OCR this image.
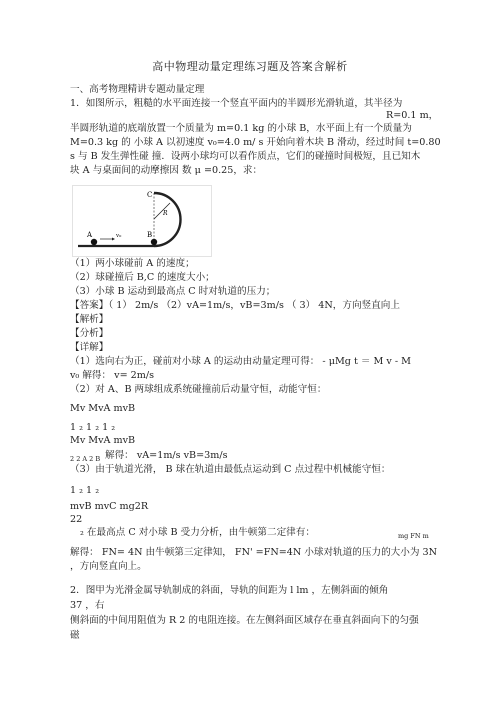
高中物理动量定理练习题及答案含解析
一、高考物理精讲专题动量定理
1．如图所示，粗糙的水平面连接一个竖直平面内的半圆形光滑轨道，其半径为
R=0.1 m，
半圆形轨道的底端放置一个质量为 m=0.1 kg 的小球 B，水平面上有一个质量为
M=0.3 kg 的 小球 A 以初速度 v₀=4.0 m/ s 开始向着木块 B 滑动，经过时间 t=0.80
s 与 B 发生弹性碰 撞．设两小球均可以看作质点，它们的碰撞时间极短，且已知木
块 A 与桌面间的动摩擦因 数 μ =0.25，求：
C
R
A	B
v₀
（1）两小球碰前 A 的速度；
（2）球碰撞后 B,C 的速度大小；
（3）小球 B 运动到最高点 C 时对轨道的压力；
【答案】（ 1） 2m/s （2）vA=1m/s，vB=3m/s （ 3） 4N，方向竖直向上
【解析】
【分析】
【详解】
（1）选向右为正，碰前对小球 A 的运动由动量定理可得： - μMg t ＝ M v - M
v₀ 解得： v= 2m/s
（2）对 A、B 两球组成系统碰撞前后动量守恒，动能守恒：
Mv MvA mvB
1 ₂ 1 ₂ 1 ₂
Mv MvA mvB
2 2 A 2 B 解得： vA=1m/s vB=3m/s
（3）由于轨道光滑， B 球在轨道由最低点运动到 C 点过程中机械能守恒：
1 ₂ 1 ₂
mvB mvC mg2R
22
₂ 在最高点 C 对小球 B 受力分析，由牛顿第二定律有：	mg FN m
解得： FN= 4N 由牛顿第三定律知， FN' =FN=4N 小球对轨道的压力的大小为 3N
，方向竖直向上。
2．图甲为光滑金属导轨制成的斜面，导轨的间距为 l lm ，左侧斜面的倾角
37 ，右
侧斜面的中间用阻值为 R 2 的电阻连接。在左侧斜面区域存在垂直斜面向下的匀强
磁
